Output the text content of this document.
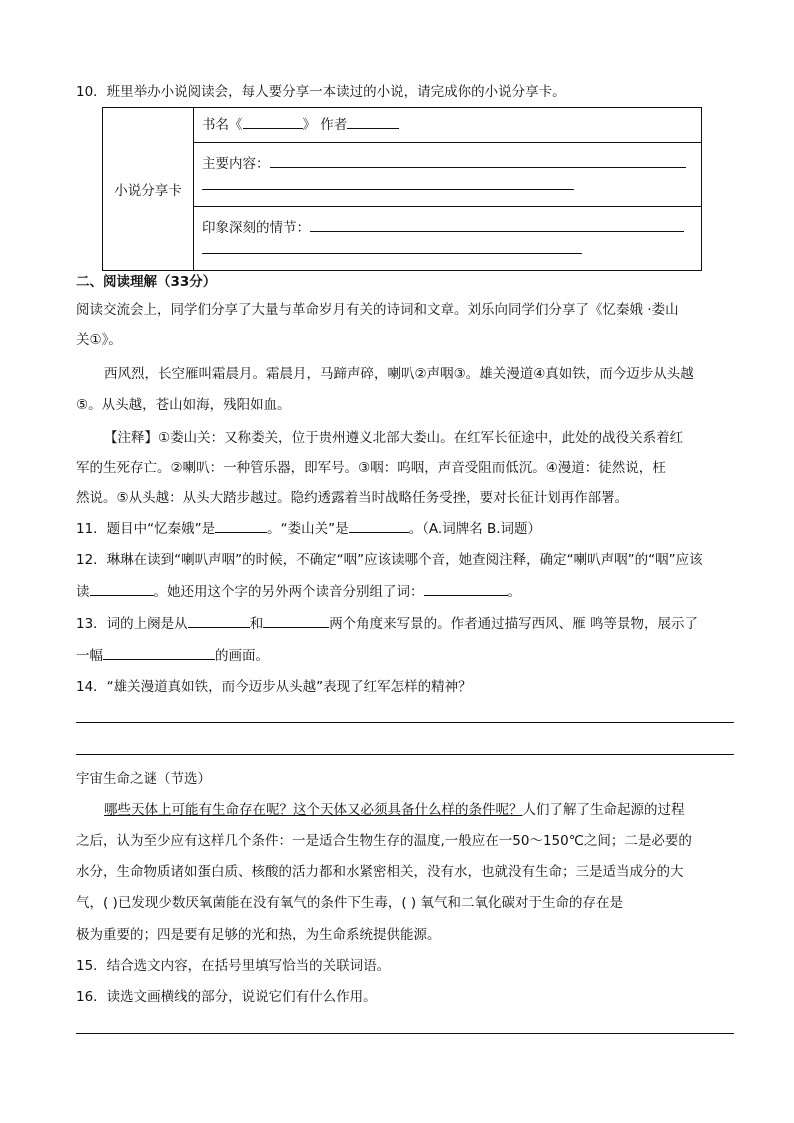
10．班里举办小说阅读会，每人要分享一本读过的小说，请完成你的小说分享卡。
小说分享卡	
书名《	》 作者

主要内容：

印象深刻的情节：
二、阅读理解（33分）
阅读交流会上，同学们分享了大量与革命岁月有关的诗词和文章。刘乐向同学们分享了《忆秦娥 ·娄山
关①》。
西风烈，长空雁叫霜晨月。霜晨月，马蹄声碎，喇叭②声咽③。雄关漫道④真如铁，而今迈步从头越
⑤。从头越，苍山如海，残阳如血。
【注释】①娄山关：又称娄关，位于贵州遵义北部大娄山。在红军长征途中，此处的战役关系着红
军的生死存亡。②喇叭：一种管乐器，即军号。③咽：呜咽，声音受阻而低沉。④漫道：徒然说，枉
然说。⑤从头越：从头大踏步越过。隐约透露着当时战略任务受挫，要对长征计划再作部署。
11．题目中“忆秦娥”是	。“娄山关”是	。（A.词牌名 B.词题）
12．琳琳在读到“喇叭声咽”的时候，不确定“咽”应该读哪个音，她查阅注释，确定“喇叭声咽”的“咽”应该
读	。她还用这个字的另外两个读音分别组了词：	。
13．词的上阕是从	和	两个角度来写景的。作者通过描写西风、雁 鸣等景物，展示了
一幅	的画面。
14．“雄关漫道真如铁，而今迈步从头越”表现了红军怎样的精神？
宇宙生命之谜（节选）
哪些天体上可能有生命存在呢？这个天体又必须具备什么样的条件呢？人们了解了生命起源的过程
之后，认为至少应有这样几个条件：一是适合生物生存的温度,一般应在一50～150℃之间；二是必要的
水分，生命物质诸如蛋白质、核酸的活力都和水紧密相关，没有水，也就没有生命；三是适当成分的大
气，( )已发现少数厌氧菌能在没有氧气的条件下生毒，( ) 氧气和二氧化碳对于生命的存在是
极为重要的；四是要有足够的光和热，为生命系统提供能源。
15．结合选文内容，在括号里填写恰当的关联词语。
16．读选文画横线的部分，说说它们有什么作用。
